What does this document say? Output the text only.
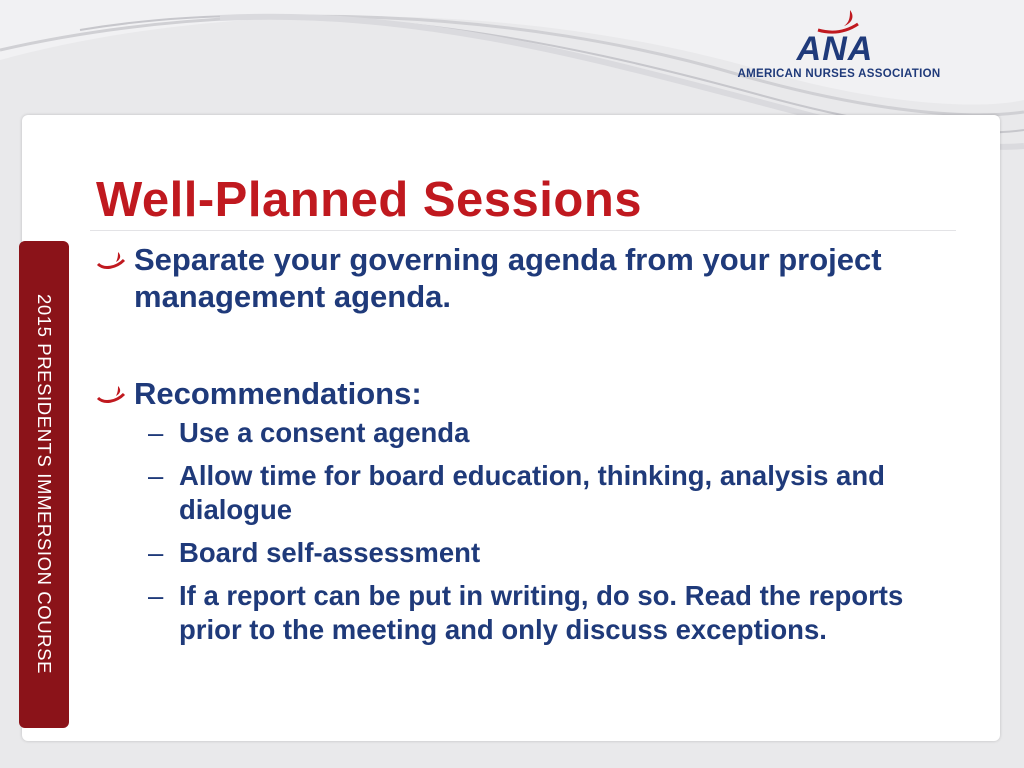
ANA
AMERICAN NURSES ASSOCIATION
Well-Planned Sessions
2015 PRESIDENTS IMMERSION COURSE
Separate your governing agenda from your project management agenda.
Recommendations:
– Use a consent agenda
– Allow time for board education, thinking, analysis and dialogue
– Board self-assessment
– If a report can be put in writing, do so. Read the reports prior to the meeting and only discuss exceptions.
